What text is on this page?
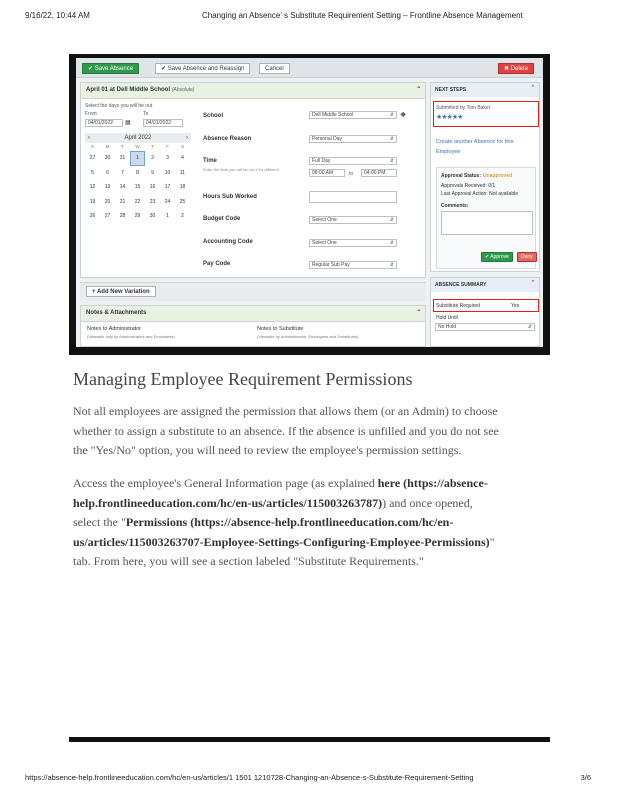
9/16/22, 10:44 AM	Changing an Absence’ s Substitute Requirement Setting – Frontline Absence Management
✔ Save Absence	✔ Save Absence and Reassign	Cancel	✖ Delete
April 01 at Dell Middle School (Absolute)	ˆ
Select the days you will be out
From	To
04/01/2022	▦	04/01/2022
‹	April 2022	›
S	M	T	W	T	F	S
27	30	31	1	2	3	4
5	6	7	8	9	10	11
12	13	14	15	16	17	18
19	20	21	22	23	24	25
26	27	28	29	30	1	2
School	Dell Middle School	⇵ ❖
Absence Reason	Personal Day	⇵
Time	Full Day	⇵
Enter the time you will be out if it's different
08:00 AM	to	04:00 PM
Hours Sub Worked
Budget Code	Select One	⇵
Accounting Code	Select One	⇵
Pay Code	Regular Sub Pay	⇵
+ Add New Variation
Notes & Attachments	ˆ
Notes to Administrator
(Viewable only by Administrators and Employees)
Notes to Substitute
(Viewable by Administrators, Employees and Substitutes)
NEXT STEPS	ˆ
Submitted by Tom Baker
★★★★★
Create another Absence for this Employee
Approval Status: Unapproved
Approvals Received: 0/1
Last Approval Action: Not available
Comments:
✔ Approve	Deny
ABSENCE SUMMARY	ˆ
Substitute Required	Yes
Hold Until
No Hold	⇵
Managing Employee Requirement Permissions
Not all employees are assigned the permission that allows them (or an Admin) to choose
whether to assign a substitute to an absence. If the absence is unfilled and you do not see
the "Yes/No" option, you will need to review the employee's permission settings.
Access the employee's General Information page (as explained here (https://absence-
help.frontlineeducation.com/hc/en-us/articles/115003263787)) and once opened,
select the "Permissions (https://absence-help.frontlineeducation.com/hc/en-
us/articles/115003263707-Employee-Settings-Configuring-Employee-Permissions)"
tab. From here, you will see a section labeled "Substitute Requirements."
https://absence-help.frontlineeducation.com/hc/en-us/articles/1 1501 1210728-Changing-an-Absence-s-Substitute-Requirement-Setting	3/6
